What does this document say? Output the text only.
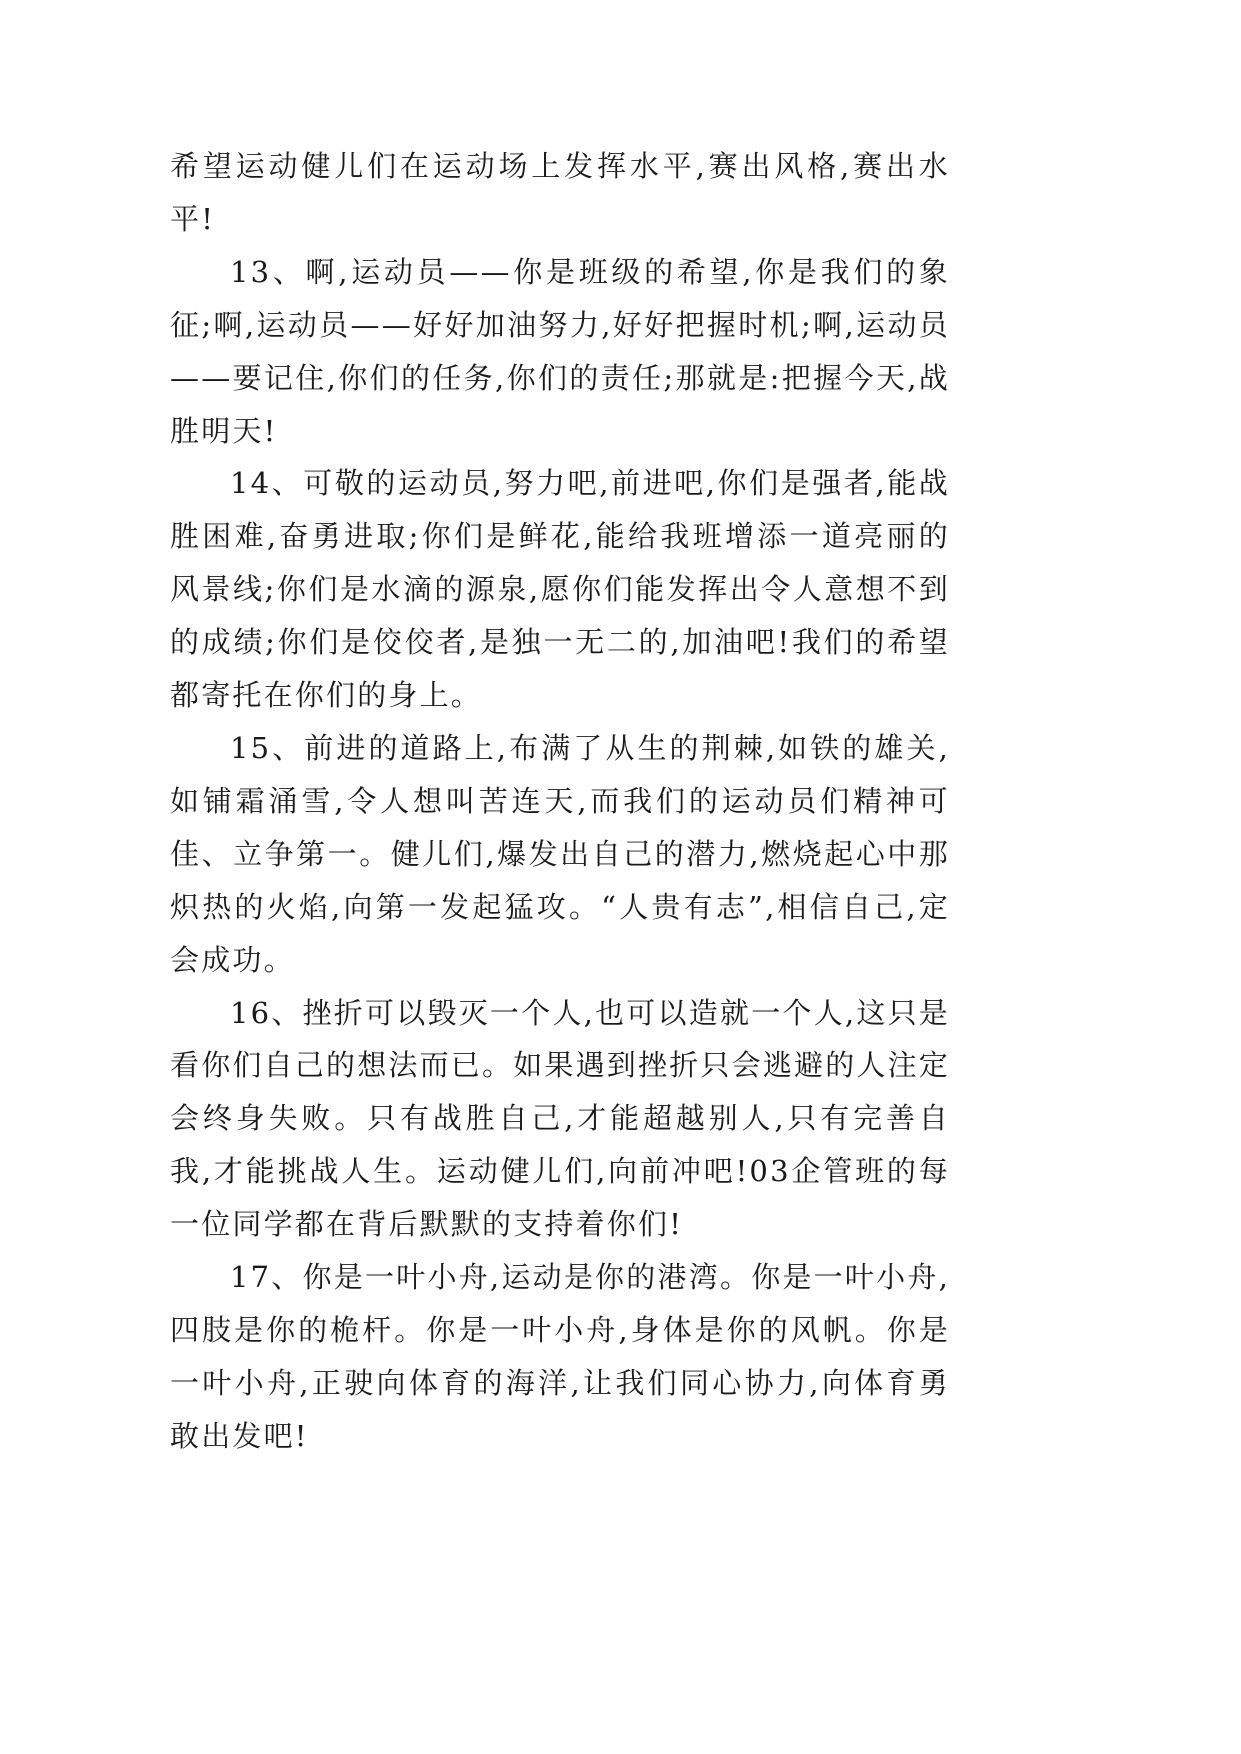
希望运动健儿们在运动场上发挥水平,赛出风格,赛出水平!

13、啊,运动员——你是班级的希望,你是我们的象征;啊,运动员——好好加油努力,好好把握时机;啊,运动员——要记住,你们的任务,你们的责任;那就是:把握今天,战胜明天!

14、可敬的运动员,努力吧,前进吧,你们是强者,能战胜困难,奋勇进取;你们是鲜花,能给我班增添一道亮丽的风景线;你们是水滴的源泉,愿你们能发挥出令人意想不到的成绩;你们是佼佼者,是独一无二的,加油吧!我们的希望都寄托在你们的身上。

15、前进的道路上,布满了从生的荆棘,如铁的雄关,如铺霜涌雪,令人想叫苦连天,而我们的运动员们精神可佳、立争第一。健儿们,爆发出自己的潜力,燃烧起心中那炽热的火焰,向第一发起猛攻。“人贵有志”,相信自己,定会成功。

16、挫折可以毁灭一个人,也可以造就一个人,这只是看你们自己的想法而已。如果遇到挫折只会逃避的人注定会终身失败。只有战胜自己,才能超越别人,只有完善自我,才能挑战人生。运动健儿们,向前冲吧!03企管班的每一位同学都在背后默默的支持着你们!

17、你是一叶小舟,运动是你的港湾。你是一叶小舟,四肢是你的桅杆。你是一叶小舟,身体是你的风帆。你是一叶小舟,正驶向体育的海洋,让我们同心协力,向体育勇敢出发吧!
